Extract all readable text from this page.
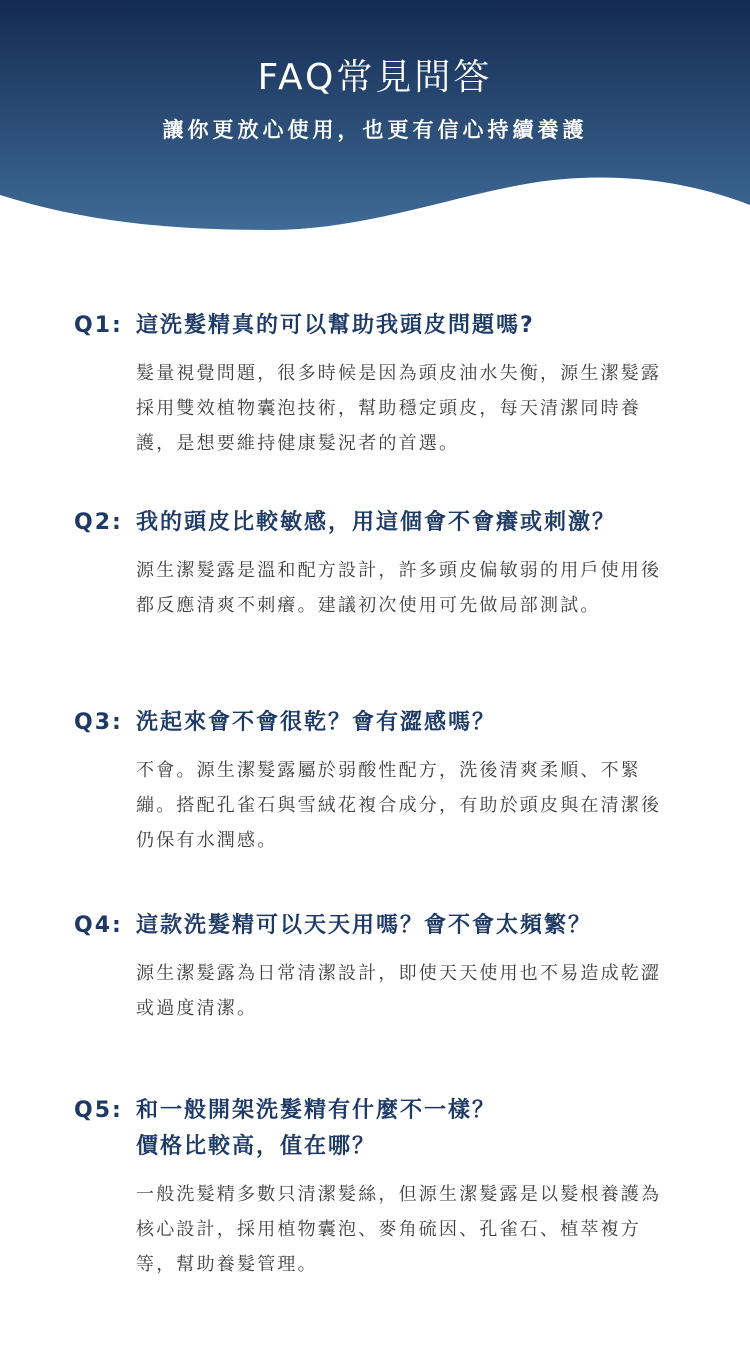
FAQ常見問答

讓你更放心使用，也更有信心持續養護

Q1: 這洗髮精真的可以幫助我頭皮問題嗎?
髮量視覺問題，很多時候是因為頭皮油水失衡，源生潔髮露採用雙效植物囊泡技術，幫助穩定頭皮，每天清潔同時養護，是想要維持健康髮況者的首選。
Q2: 我的頭皮比較敏感，用這個會不會癢或刺激？
源生潔髮露是溫和配方設計，許多頭皮偏敏弱的用戶使用後都反應清爽不刺癢。建議初次使用可先做局部測試。
Q3: 洗起來會不會很乾？會有澀感嗎？
不會。源生潔髮露屬於弱酸性配方，洗後清爽柔順、不緊繃。搭配孔雀石與雪絨花複合成分，有助於頭皮與在清潔後仍保有水潤感。
Q4: 這款洗髮精可以天天用嗎？會不會太頻繁？
源生潔髮露為日常清潔設計，即使天天使用也不易造成乾澀或過度清潔。
Q5: 和一般開架洗髮精有什麼不一樣？
價格比較高，值在哪？
一般洗髮精多數只清潔髮絲，但源生潔髮露是以髮根養護為核心設計，採用植物囊泡、麥角硫因、孔雀石、植萃複方等，幫助養髮管理。
